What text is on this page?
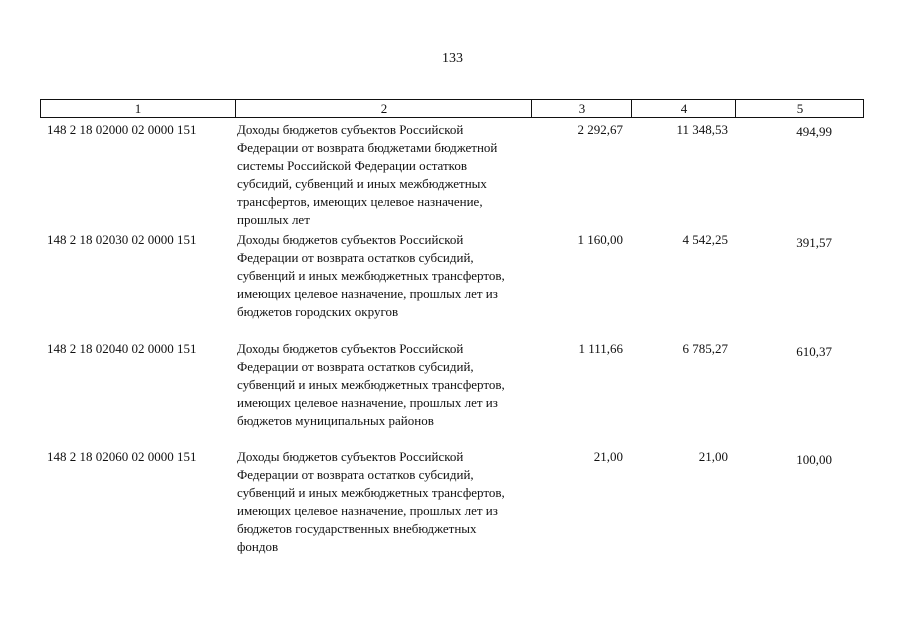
133
1	2	3	4	5
148 2 18 02000 02 0000 151	Доходы бюджетов субъектов Российской
Федерации от возврата бюджетами бюджетной
системы Российской Федерации остатков
субсидий, субвенций и иных межбюджетных
трансфертов, имеющих целевое назначение,
прошлых лет
2 292,67	11 348,53	494,99
148 2 18 02030 02 0000 151	Доходы бюджетов субъектов Российской
Федерации от возврата остатков субсидий,
субвенций и иных межбюджетных трансфертов,
имеющих целевое назначение, прошлых лет из
бюджетов городских округов
1 160,00	4 542,25	391,57
148 2 18 02040 02 0000 151	Доходы бюджетов субъектов Российской
Федерации от возврата остатков субсидий,
субвенций и иных межбюджетных трансфертов,
имеющих целевое назначение, прошлых лет из
бюджетов муниципальных районов
1 111,66	6 785,27	610,37
148 2 18 02060 02 0000 151	Доходы бюджетов субъектов Российской
Федерации от возврата остатков субсидий,
субвенций и иных межбюджетных трансфертов,
имеющих целевое назначение, прошлых лет из
бюджетов государственных внебюджетных
фондов
21,00	21,00	100,00
